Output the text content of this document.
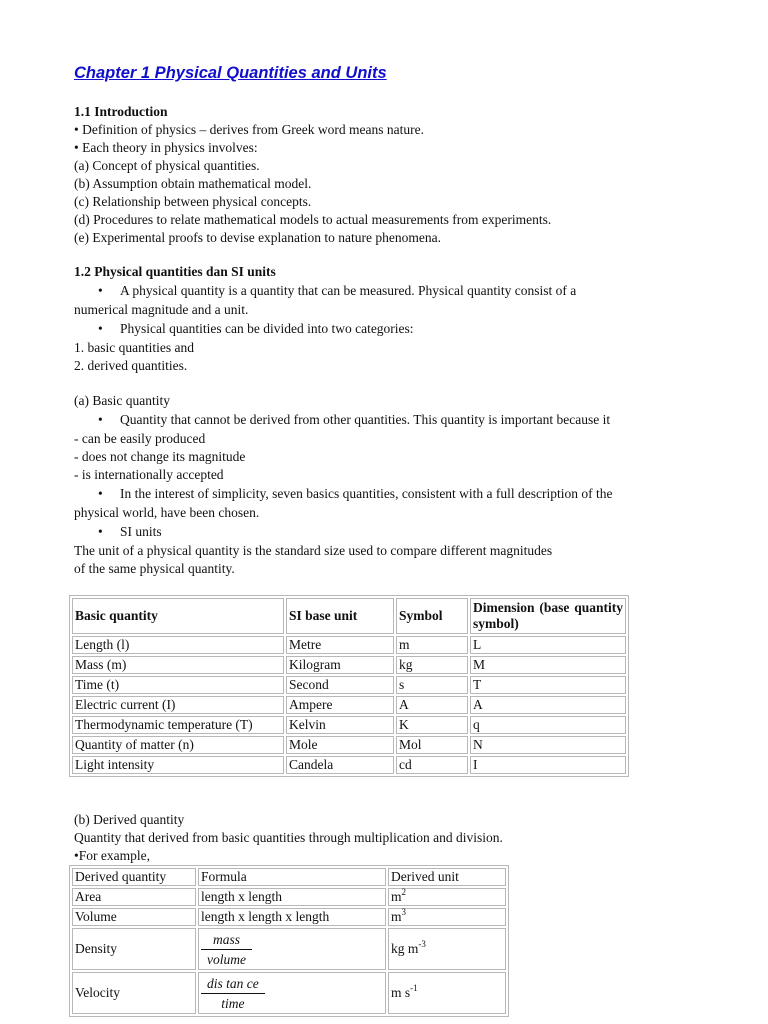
Chapter 1 Physical Quantities and Units
1.1 Introduction
• Definition of physics – derives from Greek word means nature.
• Each theory in physics involves:
(a) Concept of physical quantities.
(b) Assumption obtain mathematical model.
(c) Relationship between physical concepts.
(d) Procedures to relate mathematical models to actual measurements from experiments.
(e) Experimental proofs to devise explanation to nature phenomena.
1.2 Physical quantities dan SI units
• A physical quantity is a quantity that can be measured. Physical quantity consist of a
numerical magnitude and a unit.
• Physical quantities can be divided into two categories:
1. basic quantities and
2. derived quantities.
(a) Basic quantity
• Quantity that cannot be derived from other quantities. This quantity is important because it
- can be easily produced
- does not change its magnitude
- is internationally accepted
• In the interest of simplicity, seven basics quantities, consistent with a full description of the
physical world, have been chosen.
• SI units
The unit of a physical quantity is the standard size used to compare different magnitudes
of the same physical quantity.
Basic quantity	SI base unit	Symbol	Dimension (base quantity symbol)
Length (l)	Metre	m	L
Mass (m)	Kilogram	kg	M
Time (t)	Second	s	T
Electric current (I)	Ampere	A	A
Thermodynamic temperature (T)	Kelvin	K	q
Quantity of matter (n)	Mole	Mol	N
Light intensity	Candela	cd	I
(b) Derived quantity
Quantity that derived from basic quantities through multiplication and division.
•For example,
Derived quantity	Formula	Derived unit
Area	length x length	$m^2$
Volume	length x length x length	$m^3$
Density	$\frac{\text{mass}}{\text{volume}}$	kg $m^{-3}$
Velocity	$\frac{\text{dis tan ce}}{\text{time}}$	m $s^{-1}$
